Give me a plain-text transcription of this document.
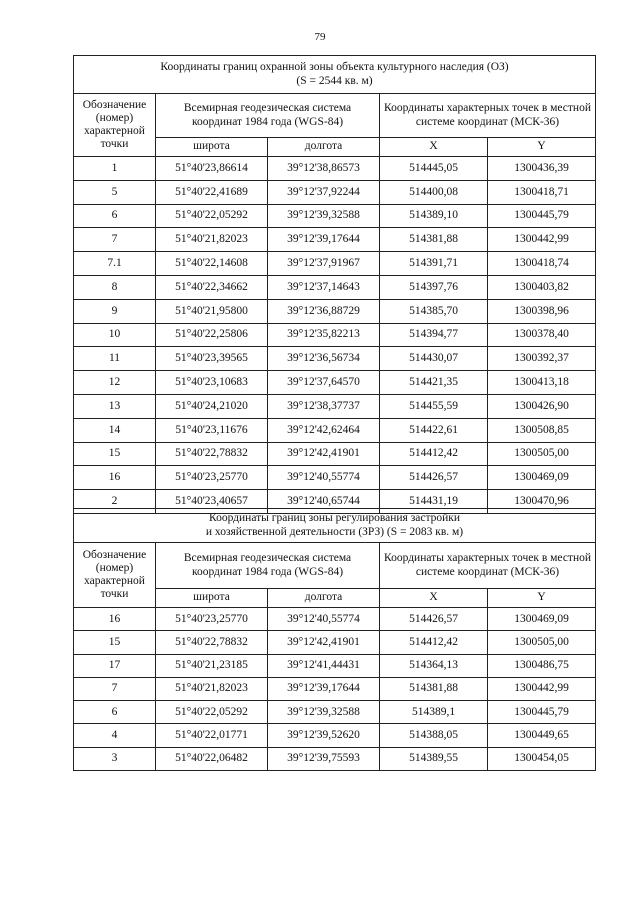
79
Координаты границ охранной зоны объекта культурного наследия (ОЗ)
(S = 2544 кв. м)				

Обозначение (номер) характерной точки	Всемирная геодезическая система координат 1984 года (WGS-84)		Координаты характерных точек в местной системе координат (МСК-36)	
	широта	долгота	X	Y
1	51°40'23,86614	39°12'38,86573	514445,05	1300436,39
5	51°40'22,41689	39°12'37,92244	514400,08	1300418,71
6	51°40'22,05292	39°12'39,32588	514389,10	1300445,79
7	51°40'21,82023	39°12'39,17644	514381,88	1300442,99
7.1	51°40'22,14608	39°12'37,91967	514391,71	1300418,74
8	51°40'22,34662	39°12'37,14643	514397,76	1300403,82
9	51°40'21,95800	39°12'36,88729	514385,70	1300398,96
10	51°40'22,25806	39°12'35,82213	514394,77	1300378,40
11	51°40'23,39565	39°12'36,56734	514430,07	1300392,37
12	51°40'23,10683	39°12'37,64570	514421,35	1300413,18
13	51°40'24,21020	39°12'38,37737	514455,59	1300426,90
14	51°40'23,11676	39°12'42,62464	514422,61	1300508,85
15	51°40'22,78832	39°12'42,41901	514412,42	1300505,00
16	51°40'23,25770	39°12'40,55774	514426,57	1300469,09
2	51°40'23,40657	39°12'40,65744	514431,19	1300470,96
Координаты границ зоны регулирования застройки
и хозяйственной деятельности (ЗРЗ) (S = 2083 кв. м)				

Обозначение (номер) характерной точки	Всемирная геодезическая система координат 1984 года (WGS-84)		Координаты характерных точек в местной системе координат (МСК-36)	
	широта	долгота	X	Y
16	51°40'23,25770	39°12'40,55774	514426,57	1300469,09
15	51°40'22,78832	39°12'42,41901	514412,42	1300505,00
17	51°40'21,23185	39°12'41,44431	514364,13	1300486,75
7	51°40'21,82023	39°12'39,17644	514381,88	1300442,99
6	51°40'22,05292	39°12'39,32588	514389,1	1300445,79
4	51°40'22,01771	39°12'39,52620	514388,05	1300449,65
3	51°40'22,06482	39°12'39,75593	514389,55	1300454,05
